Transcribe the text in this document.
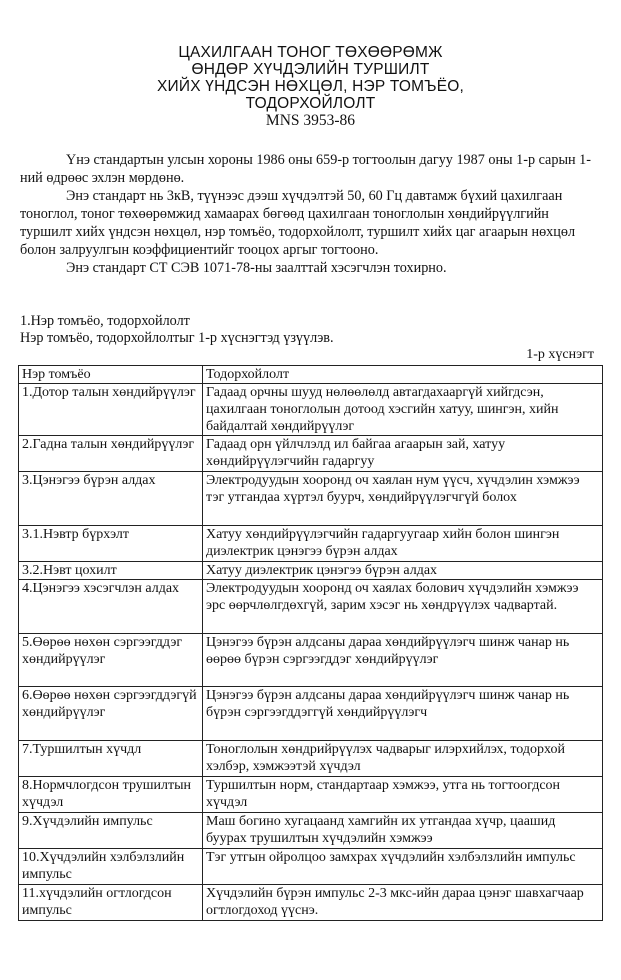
ЦАХИЛГААН ТОНОГ ТӨХӨӨРӨМЖ
ӨНДӨР ХҮЧДЭЛИЙН ТУРШИЛТ
ХИЙХ ҮНДСЭН НӨХЦӨЛ, НЭР ТОМЪЁО,
ТОДОРХОЙЛОЛТ
MNS 3953-86

Үнэ стандартын улсын хороны 1986 оны 659-р тогтоолын дагуу 1987 оны 1-р сарын 1-ний өдрөөс эхлэн мөрдөнө.

Энэ стандарт нь 3кВ, түүнээс дээш хүчдэлтэй 50, 60 Гц давтамж бүхий цахилгаан тоноглол, тоног төхөөрөмжид хамаарах бөгөөд цахилгаан тоноглолын хөндийрүүлгийн туршилт хийх үндсэн нөхцөл, нэр томъёо, тодорхойлолт, туршилт хийх цаг агаарын нөхцөл болон залруулгын коэффициентийг тооцох аргыг тогтооно.

Энэ стандарт СТ СЭВ 1071-78-ны заалттай хэсэгчлэн тохирно.

1.Нэр томъёо, тодорхойлолт
Нэр томъёо, тодорхойлолтыг 1-р хүснэгтэд үзүүлэв.
1-р хүснэгт
Нэр томъёо	Тодорхойлолт
1.Дотор талын хөндийрүүлэг	Гадаад орчны шууд нөлөөлөлд автагдахааргүй хийгдсэн, цахилгаан тоноглолын дотоод хэсгийн хатуу, шингэн, хийн байдалтай хөндийрүүлэг
2.Гадна талын хөндийрүүлэг	Гадаад орн үйлчлэлд ил байгаа агаарын зай, хатуу хөндийрүүлэгчийн гадаргуу
3.Цэнэгээ бүрэн алдах	Электродуудын хооронд оч хаялан нум үүсч, хүчдэлин хэмжээ тэг утгандаа хүртэл буурч, хөндийрүүлэгчгүй болох
3.1.Нэвтр бүрхэлт	Хатуу хөндийрүүлэгчийн гадаргуугаар хийн болон шингэн диэлектрик цэнэгээ бүрэн алдах
3.2.Нэвт цохилт	Хатуу диэлектрик цэнэгээ бүрэн алдах
4.Цэнэгээ хэсэгчлэн алдах	Электродуудын хооронд оч хаялах болович хүчдэлийн хэмжээ эрс өөрчлөлгдөхгүй, зарим хэсэг нь хөндрүүлэх чадвартай.
5.Өөрөө нөхөн сэргээгддэг хөндийрүүлэг	Цэнэгээ бүрэн алдсаны дараа хөндийрүүлэгч шинж чанар нь өөрөө бүрэн сэргээгддэг хөндийрүүлэг
6.Өөрөө нөхөн сэргээгддэгүй хөндийрүүлэг	Цэнэгээ бүрэн алдсаны дараа хөндийрүүлэгч шинж чанар нь бүрэн сэргээгддэггүй хөндийрүүлэгч
7.Туршилтын хүчдл	Тоноглолын хөндрийрүүлэх чадварыг илэрхийлэх, тодорхой хэлбэр, хэмжээтэй хүчдэл
8.Нормчлогдсон трушилтын хүчдэл	Туршилтын норм, стандартаар хэмжээ, утга нь тогтоогдсон хүчдэл
9.Хүчдэлийн импульс	Маш богино хугацаанд хамгийн их утгандаа хүчр, цаашид буурах трушилтын хүчдэлийн хэмжээ
10.Хүчдэлийн хэлбэлзлийн импульс	Тэг утгын ойролцоо замхрах хүчдэлийн хэлбэлзлийн импульс
11.хүчдэлийн огтлогдсон импульс	Хүчдэлийн бүрэн импульс 2-3 мкс-ийн дараа цэнэг шавхагчаар огтлогдоход үүснэ.
